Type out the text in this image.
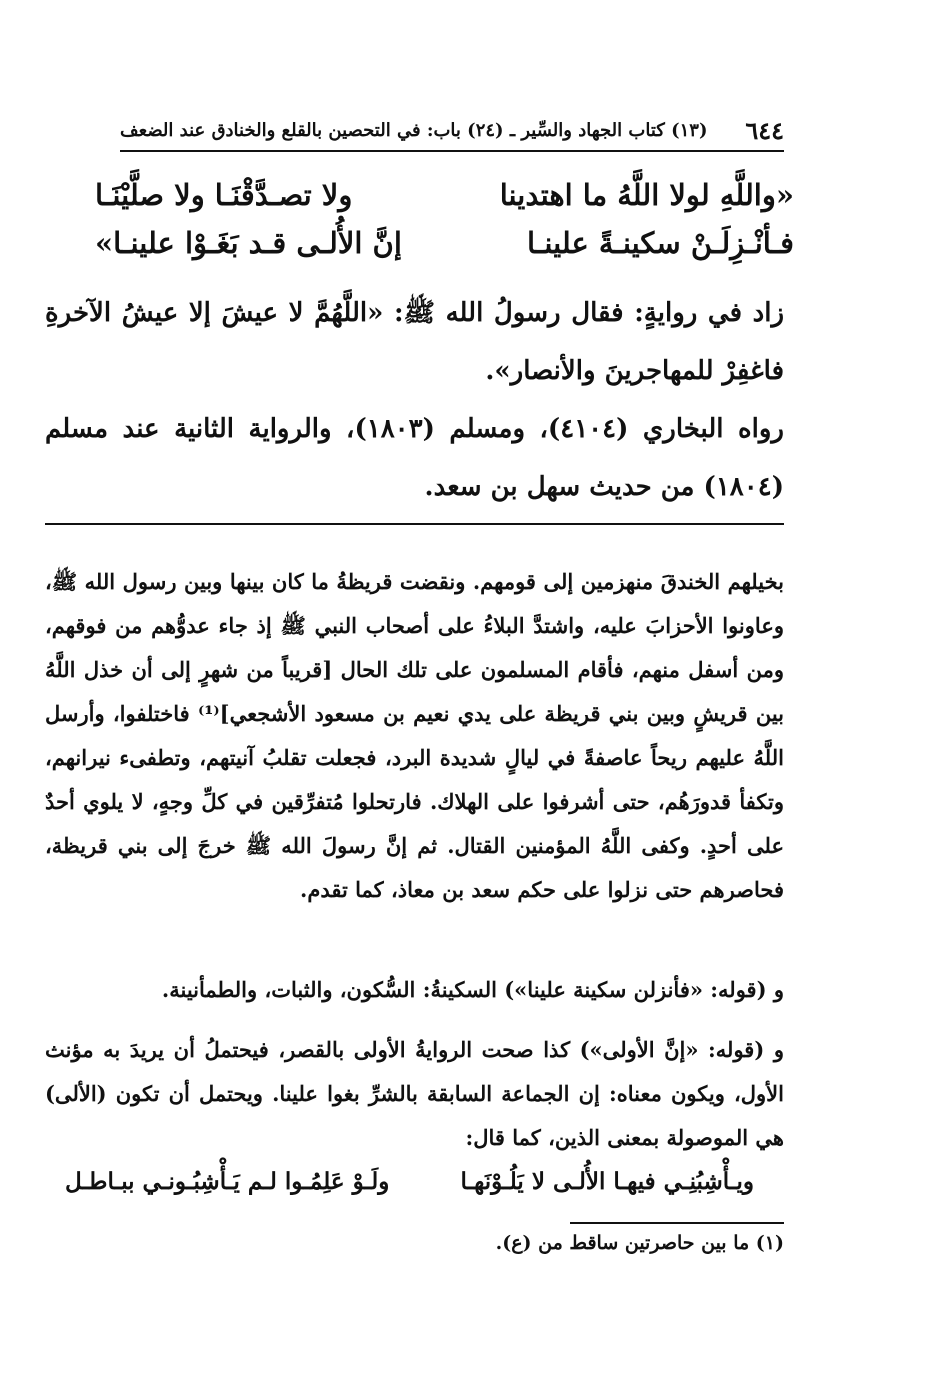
٦٤٤
(١٣) كتاب الجهاد والسِّير ـ (٢٤) باب: في التحصين بالقلع والخنادق عند الضعف
«واللَّهِ لولا اللَّهُ ما اهتدينا
ولا تصـدَّقْنَـا ولا صلَّيْنَـا
فـأنْـزِلَـنْ سكينـةً علينـا
إنَّ الأُلـى قـد بَغَـوْا علينـا»
زاد في روايةٍ: فقال رسولُ الله ﷺ: «اللَّهُمَّ لا عيشَ إلا عيشُ الآخرةِ فاغفِرْ للمهاجرينَ والأنصار».
رواه البخاري (٤١٠٤)، ومسلم (١٨٠٣)، والرواية الثانية عند مسلم (١٨٠٤) من حديث سهل بن سعد.
بخيلهم الخندقَ منهزمين إلى قومهم. ونقضت قريظةُ ما كان بينها وبين رسول الله ﷺ، وعاونوا الأحزابَ عليه، واشتدَّ البلاءُ على أصحاب النبي ﷺ إذ جاء عدوُّهم من فوقهم، ومن أسفل منهم، فأقام المسلمون على تلك الحال [قريباً من شهرٍ إلى أن خذل اللَّهُ بين قريشٍ وبين بني قريظة على يدي نعيم بن مسعود الأشجعي]⁽¹⁾ فاختلفوا، وأرسل اللَّهُ عليهم ريحاً عاصفةً في ليالٍ شديدة البرد، فجعلت تقلبُ آنيتهم، وتطفىء نيرانهم، وتكفأ قدورَهُم، حتى أشرفوا على الهلاك. فارتحلوا مُتفرِّقين في كلِّ وجهٍ، لا يلوي أحدٌ على أحدٍ. وكفى اللَّهُ المؤمنين القتال. ثم إنَّ رسولَ الله ﷺ خرجَ إلى بني قريظة، فحاصرهم حتى نزلوا على حكم سعد بن معاذ، كما تقدم.
و (قوله: «فأنزلن سكينة علينا») السكينةُ: السُّكون، والثبات، والطمأنينة.
و (قوله: «إنَّ الأولى») كذا صحت الروايةُ الأولى بالقصر، فيحتملُ أن يريدَ به مؤنث الأول، ويكون معناه: إن الجماعة السابقة بالشرِّ بغوا علينا. ويحتمل أن تكون (الألى) هي الموصولة بمعنى الذين، كما قال:
ويـأْشِبُنِـي فيهـا الأُلـى لا يَلُـوْنَهـا
ولَـوْ عَلِمُـوا لـم يَـأْشِبُـونـي ببـاطـل
(١) ما بين حاصرتين ساقط من (ع).
